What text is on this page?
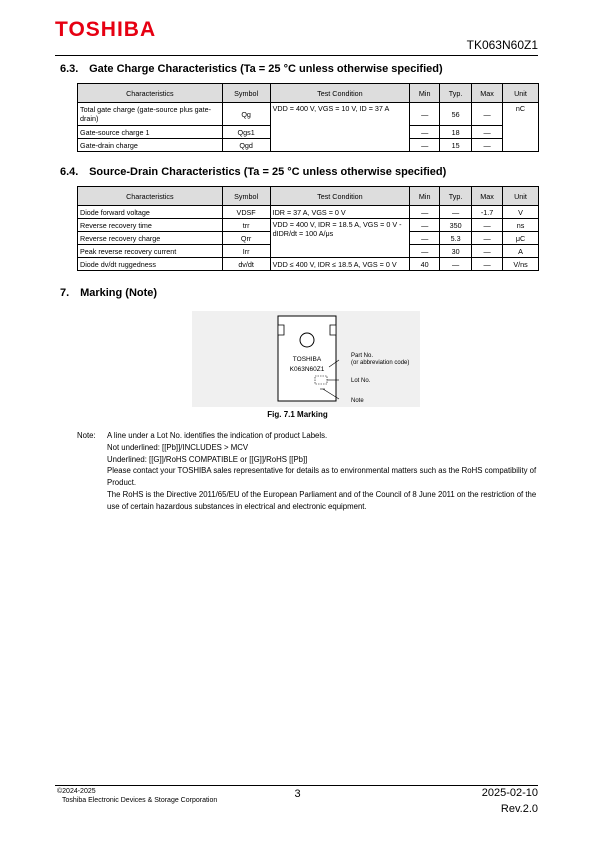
TOSHIBA
TK063N60Z1
6.3. Gate Charge Characteristics (Ta = 25 °C unless otherwise specified)
Characteristics	Symbol	Test Condition	Min	Typ.	Max	Unit
Total gate charge (gate-source plus gate-drain)	Qg	VDD = 400 V, VGS = 10 V, ID = 37 A	—	56	—	nC
Gate-source charge 1	Qgs1		—	18	—	
Gate-drain charge	Qgd		—	15	—	
6.4. Source-Drain Characteristics (Ta = 25 °C unless otherwise specified)
Characteristics	Symbol	Test Condition	Min	Typ.	Max	Unit
Diode forward voltage	VDSF	IDR = 37 A, VGS = 0 V	—	—	-1.7	V
Reverse recovery time	trr	VDD = 400 V, IDR = 18.5 A, VGS = 0 V -dIDR/dt = 100 A/μs	—	350	—	ns
Reverse recovery charge	Qrr		—	5.3	—	μC
Peak reverse recovery current	Irr		—	30	—	A
Diode dv/dt ruggedness	dv/dt	VDD ≤ 400 V, IDR ≤ 18.5 A, VGS = 0 V	40	—	—	V/ns
7. Marking (Note)
TOSHIBA
K063N60Z1
Part No.
(or abbreviation code)
Lot No.
Note
Fig. 7.1 Marking
Note: A line under a Lot No. identifies the indication of product Labels.
Not underlined: [[Pb]]/INCLUDES > MCV
Underlined: [[G]]/RoHS COMPATIBLE or [[G]]/RoHS [[Pb]]
Please contact your TOSHIBA sales representative for details as to environmental matters such as the RoHS compatibility of Product.
The RoHS is the Directive 2011/65/EU of the European Parliament and of the Council of 8 June 2011 on the restriction of the use of certain hazardous substances in electrical and electronic equipment.
©2024-2025
Toshiba Electronic Devices & Storage Corporation
3	2025-02-10
Rev.2.0
